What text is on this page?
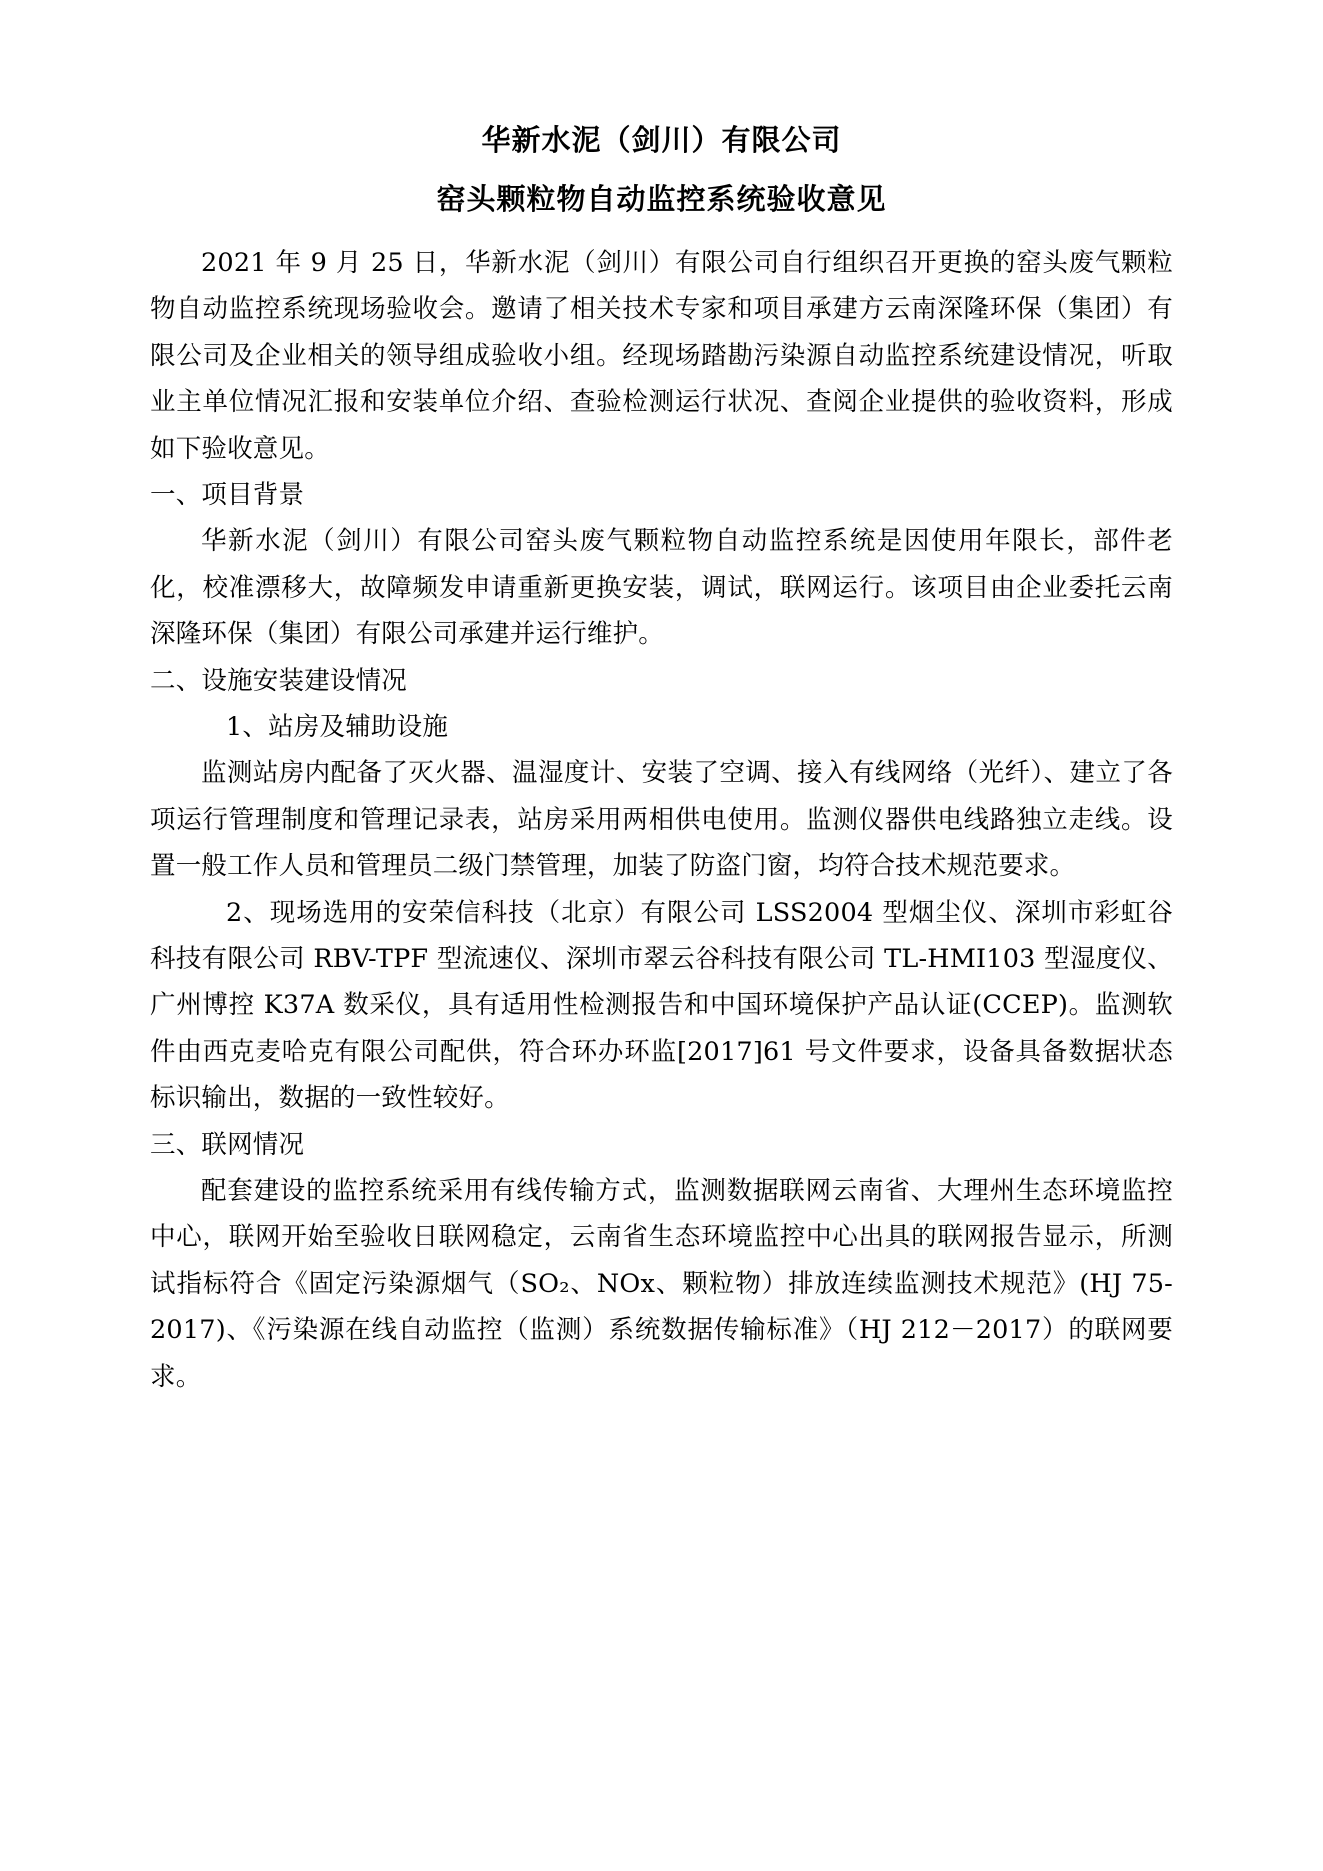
华新水泥（剑川）有限公司
窑头颗粒物自动监控系统验收意见

2021 年 9 月 25 日，华新水泥（剑川）有限公司自行组织召开更换的窑头废气颗粒物自动监控系统现场验收会。邀请了相关技术专家和项目承建方云南深隆环保（集团）有限公司及企业相关的领导组成验收小组。经现场踏勘污染源自动监控系统建设情况，听取业主单位情况汇报和安装单位介绍、查验检测运行状况、查阅企业提供的验收资料，形成如下验收意见。

一、项目背景

华新水泥（剑川）有限公司窑头废气颗粒物自动监控系统是因使用年限长，部件老化，校准漂移大，故障频发申请重新更换安装，调试，联网运行。该项目由企业委托云南深隆环保（集团）有限公司承建并运行维护。

二、设施安装建设情况

1、站房及辅助设施

监测站房内配备了灭火器、温湿度计、安装了空调、接入有线网络（光纤）、建立了各项运行管理制度和管理记录表，站房采用两相供电使用。监测仪器供电线路独立走线。设置一般工作人员和管理员二级门禁管理，加装了防盗门窗，均符合技术规范要求。

2、现场选用的安荣信科技（北京）有限公司 LSS2004 型烟尘仪、深圳市彩虹谷科技有限公司 RBV-TPF 型流速仪、深圳市翠云谷科技有限公司 TL-HMI103 型湿度仪、广州博控 K37A 数采仪，具有适用性检测报告和中国环境保护产品认证(CCEP)。监测软件由西克麦哈克有限公司配供，符合环办环监[2017]61 号文件要求，设备具备数据状态标识输出，数据的一致性较好。

三、联网情况

配套建设的监控系统采用有线传输方式，监测数据联网云南省、大理州生态环境监控中心，联网开始至验收日联网稳定，云南省生态环境监控中心出具的联网报告显示，所测试指标符合《固定污染源烟气（SO₂、NOx、颗粒物）排放连续监测技术规范》(HJ 75-2017)、《污染源在线自动监控（监测）系统数据传输标准》（HJ 212－2017）的联网要求。
